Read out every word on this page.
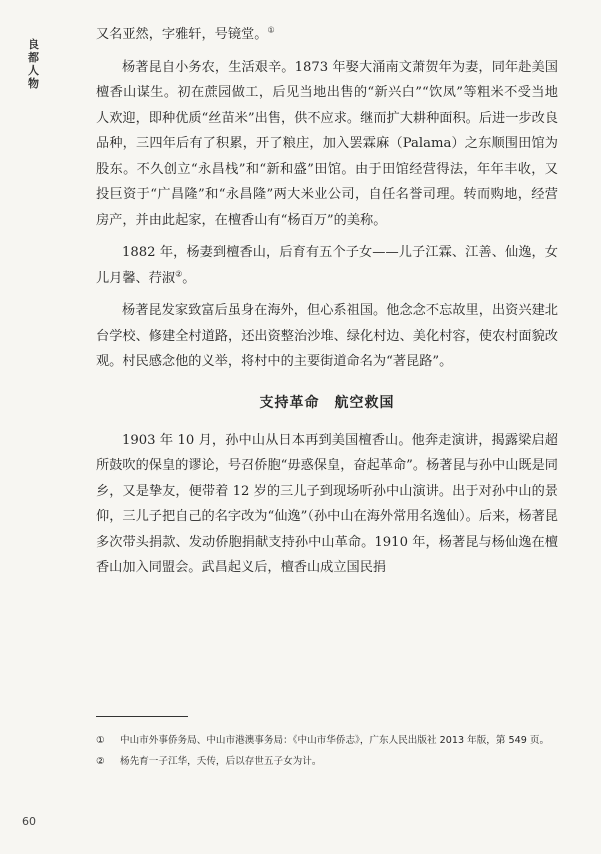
良都人物

又名亚然，字雅轩，号镜堂。①

杨著昆自小务农，生活艰辛。1873 年娶大涌南文萧贺年为妻，同年赴美国檀香山谋生。初在蔗园做工，后见当地出售的“新兴白”“饮凤”等粗米不受当地人欢迎，即种优质“丝苗米”出售，供不应求。继而扩大耕种面积。后进一步改良品种，三四年后有了积累，开了粮庄，加入罢霖麻（Palama）之东顺围田馆为股东。不久创立“永昌栈”和“新和盛”田馆。由于田馆经营得法，年年丰收，又投巨资于“广昌隆”和“永昌隆”两大米业公司，自任名誉司理。转而购地，经营房产，并由此起家，在檀香山有“杨百万”的美称。

1882 年，杨妻到檀香山，后育有五个子女——儿子江霖、江善、仙逸，女儿月馨、荇淑②。

杨著昆发家致富后虽身在海外，但心系祖国。他念念不忘故里，出资兴建北台学校、修建全村道路，还出资整治沙堆、绿化村边、美化村容，使农村面貌改观。村民感念他的义举，将村中的主要街道命名为“著昆路”。

支持革命　航空救国

1903 年 10 月，孙中山从日本再到美国檀香山。他奔走演讲，揭露梁启超所鼓吹的保皇的谬论，号召侨胞“毋惑保皇，奋起革命”。杨著昆与孙中山既是同乡，又是挚友，便带着 12 岁的三儿子到现场听孙中山演讲。出于对孙中山的景仰，三儿子把自己的名字改为“仙逸”（孙中山在海外常用名逸仙）。后来，杨著昆多次带头捐款、发动侨胞捐献支持孙中山革命。1910 年，杨著昆与杨仙逸在檀香山加入同盟会。武昌起义后，檀香山成立国民捐

①	中山市外事侨务局、中山市港澳事务局：《中山市华侨志》，广东人民出版社 2013 年版，第 549 页。
②	杨先育一子江华，夭传，后以存世五子女为计。
60
